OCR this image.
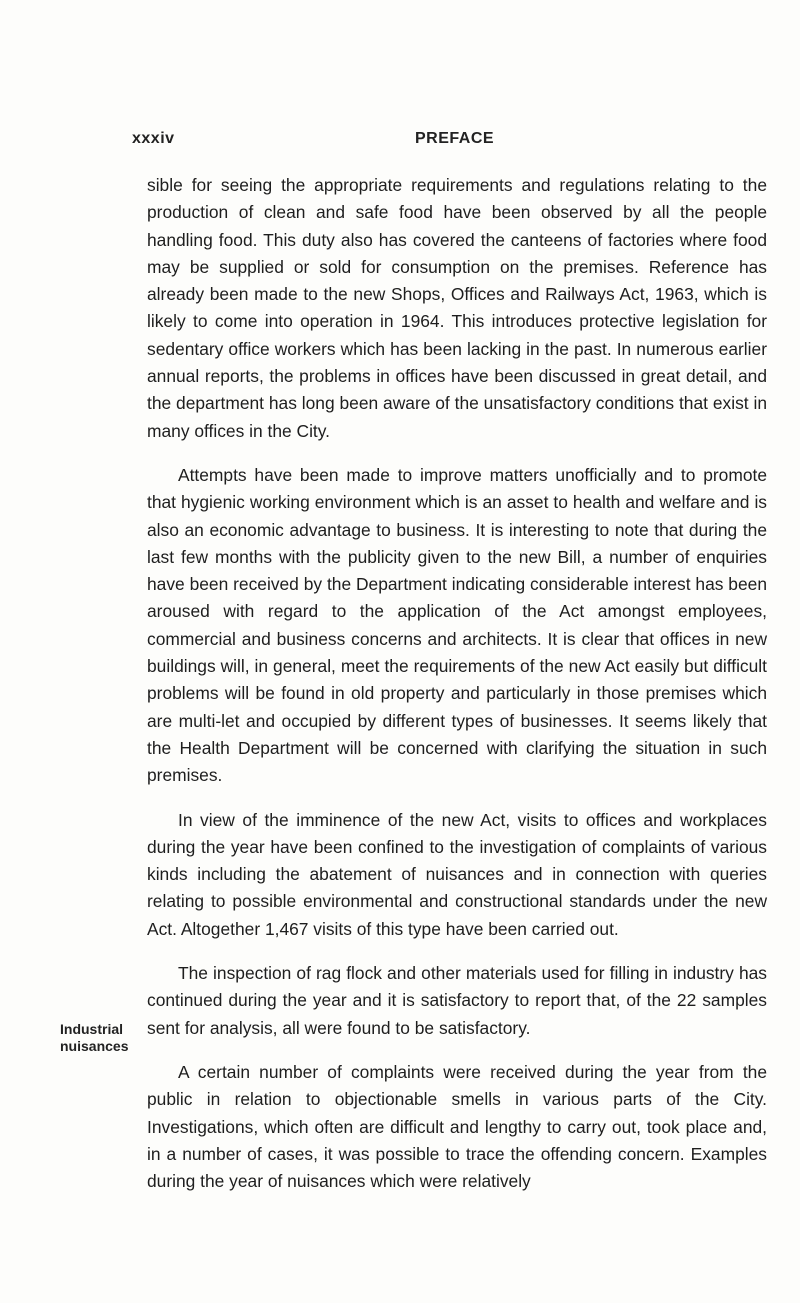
xxxiv	PREFACE
Industrial
nuisances

sible for seeing the appropriate requirements and regulations relating to the production of clean and safe food have been observed by all the people handling food. This duty also has covered the canteens of factories where food may be supplied or sold for consumption on the premises. Reference has already been made to the new Shops, Offices and Railways Act, 1963, which is likely to come into operation in 1964. This introduces protective legislation for sedentary office workers which has been lacking in the past. In numerous earlier annual reports, the problems in offices have been discussed in great detail, and the department has long been aware of the unsatisfactory conditions that exist in many offices in the City.

Attempts have been made to improve matters unofficially and to promote that hygienic working environment which is an asset to health and welfare and is also an economic advantage to business. It is interesting to note that during the last few months with the publicity given to the new Bill, a number of enquiries have been received by the Department indicating considerable interest has been aroused with regard to the application of the Act amongst employees, commercial and business concerns and architects. It is clear that offices in new buildings will, in general, meet the requirements of the new Act easily but difficult problems will be found in old property and particularly in those premises which are multi-let and occupied by different types of businesses. It seems likely that the Health Department will be concerned with clarifying the situation in such premises.

In view of the imminence of the new Act, visits to offices and workplaces during the year have been confined to the investigation of complaints of various kinds including the abatement of nuisances and in connection with queries relating to possible environmental and constructional standards under the new Act. Altogether 1,467 visits of this type have been carried out.

The inspection of rag flock and other materials used for filling in industry has continued during the year and it is satisfactory to report that, of the 22 samples sent for analysis, all were found to be satisfactory.

A certain number of complaints were received during the year from the public in relation to objectionable smells in various parts of the City. Investigations, which often are difficult and lengthy to carry out, took place and, in a number of cases, it was possible to trace the offending concern. Examples during the year of nuisances which were relatively
